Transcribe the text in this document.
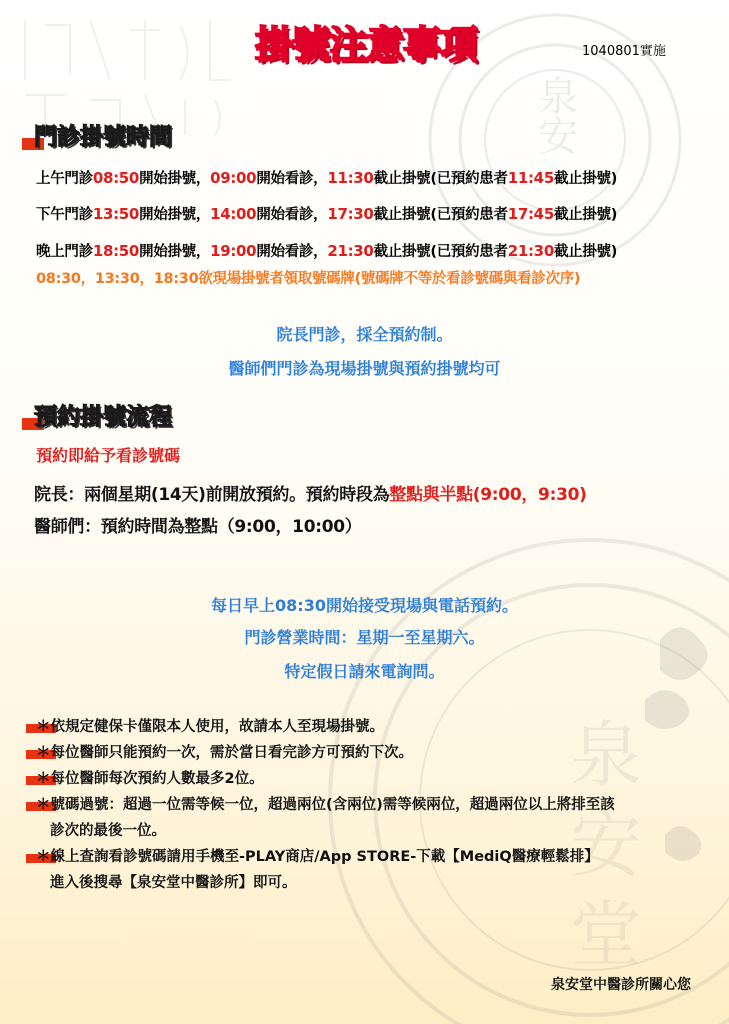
泉
安
泉
安
堂
掛號注意事項	1040801實施
門診掛號時間
上午門診08:50開始掛號，09:00開始看診，11:30截止掛號(已預約患者11:45截止掛號)
下午門診13:50開始掛號，14:00開始看診，17:30截止掛號(已預約患者17:45截止掛號)
晚上門診18:50開始掛號，19:00開始看診，21:30截止掛號(已預約患者21:30截止掛號)
08:30，13:30，18:30欲現場掛號者領取號碼牌(號碼牌不等於看診號碼與看診次序)
院長門診，採全預約制。
醫師們門診為現場掛號與預約掛號均可
預約掛號流程
預約即給予看診號碼
院長：兩個星期(14天)前開放預約。預約時段為整點與半點(9:00，9:30)
醫師們：預約時間為整點（9:00，10:00）
每日早上08:30開始接受現場與電話預約。
門診營業時間：星期一至星期六。
特定假日請來電詢問。
＊依規定健保卡僅限本人使用，故請本人至現場掛號。
＊每位醫師只能預約一次，需於當日看完診方可預約下次。
＊每位醫師每次預約人數最多2位。
＊號碼過號：超過一位需等候一位，超過兩位(含兩位)需等候兩位，超過兩位以上將排至該
診次的最後一位。
＊線上查詢看診號碼請用手機至-PLAY商店/App STORE-下載【MediQ醫療輕鬆排】
進入後搜尋【泉安堂中醫診所】即可。
泉安堂中醫診所關心您
